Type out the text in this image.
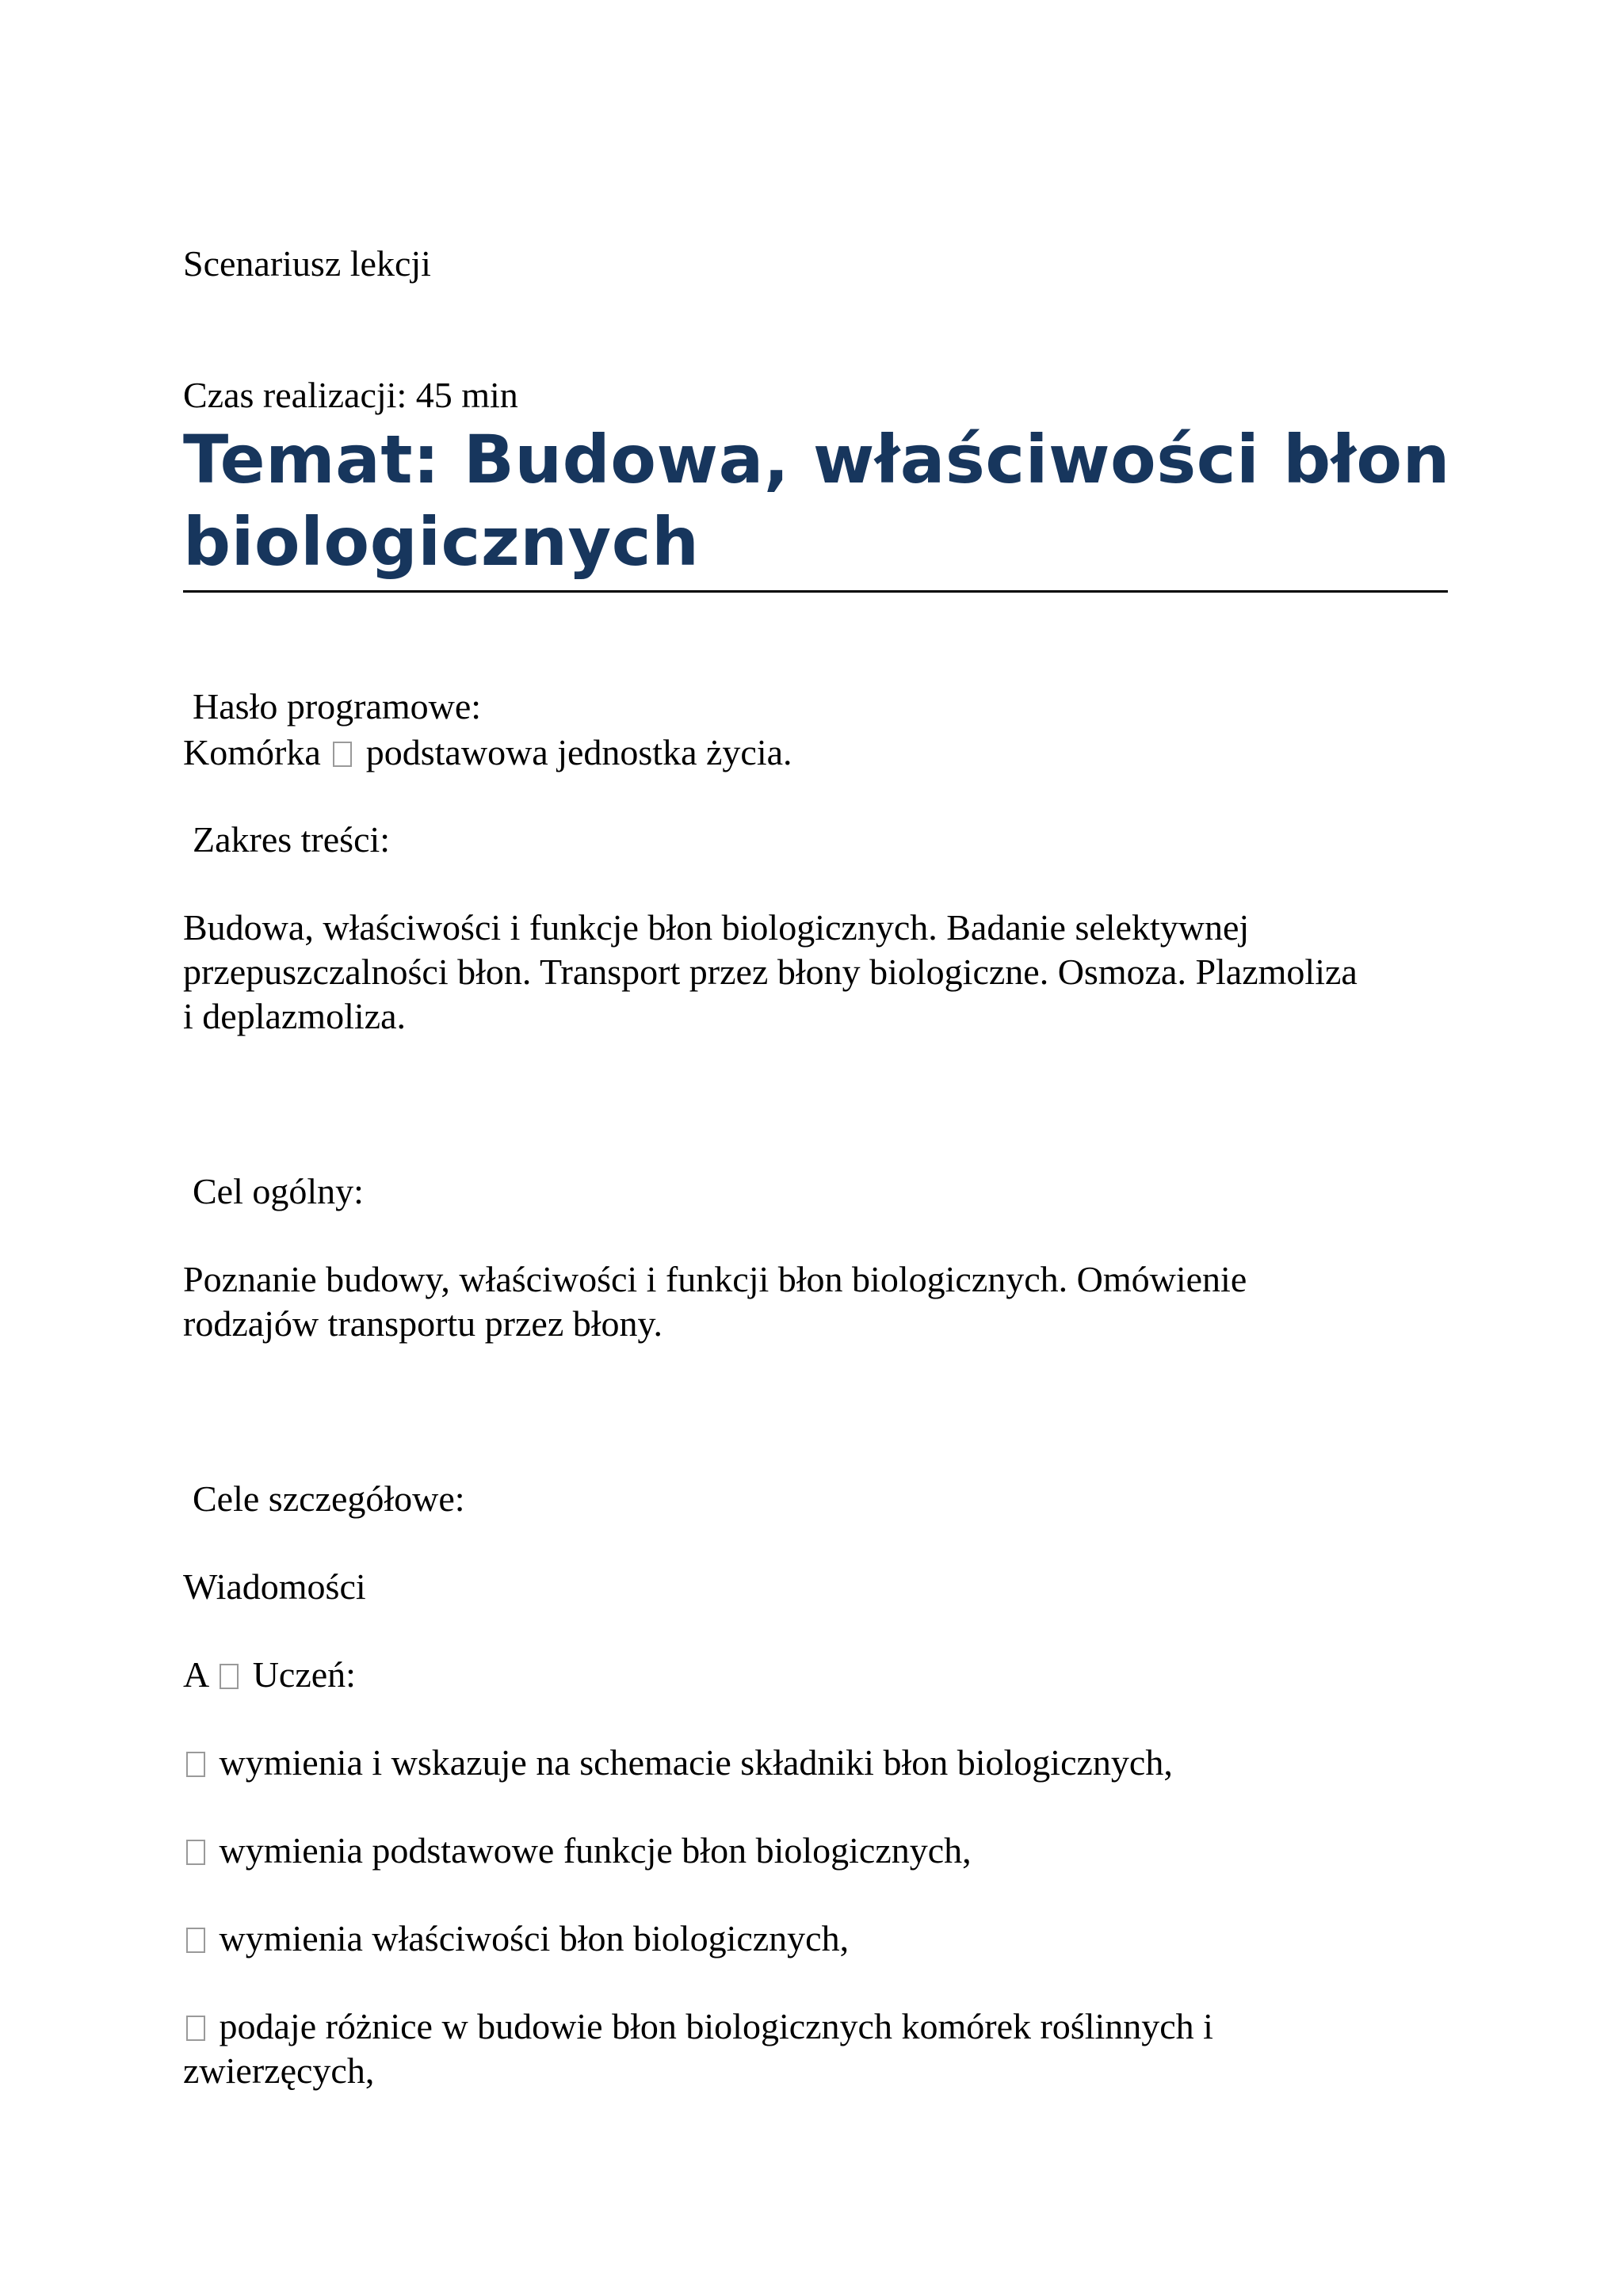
Scenariusz lekcji

Czas realizacji: 45 min

Temat: Budowa, właściwości błon
biologicznych

Hasło programowe:

Komórka podstawowa jednostka życia.

Zakres treści:

Budowa, właściwości i funkcje błon biologicznych. Badanie selektywnej

przepuszczalności błon. Transport przez błony biologiczne. Osmoza. Plazmoliza

i deplazmoliza.

Cel ogólny:

Poznanie budowy, właściwości i funkcji błon biologicznych. Omówienie

rodzajów transportu przez błony.

Cele szczegółowe:

Wiadomości

A Uczeń:

wymienia i wskazuje na schemacie składniki błon biologicznych,

wymienia podstawowe funkcje błon biologicznych,

wymienia właściwości błon biologicznych,

podaje różnice w budowie błon biologicznych komórek roślinnych i

zwierzęcych,
